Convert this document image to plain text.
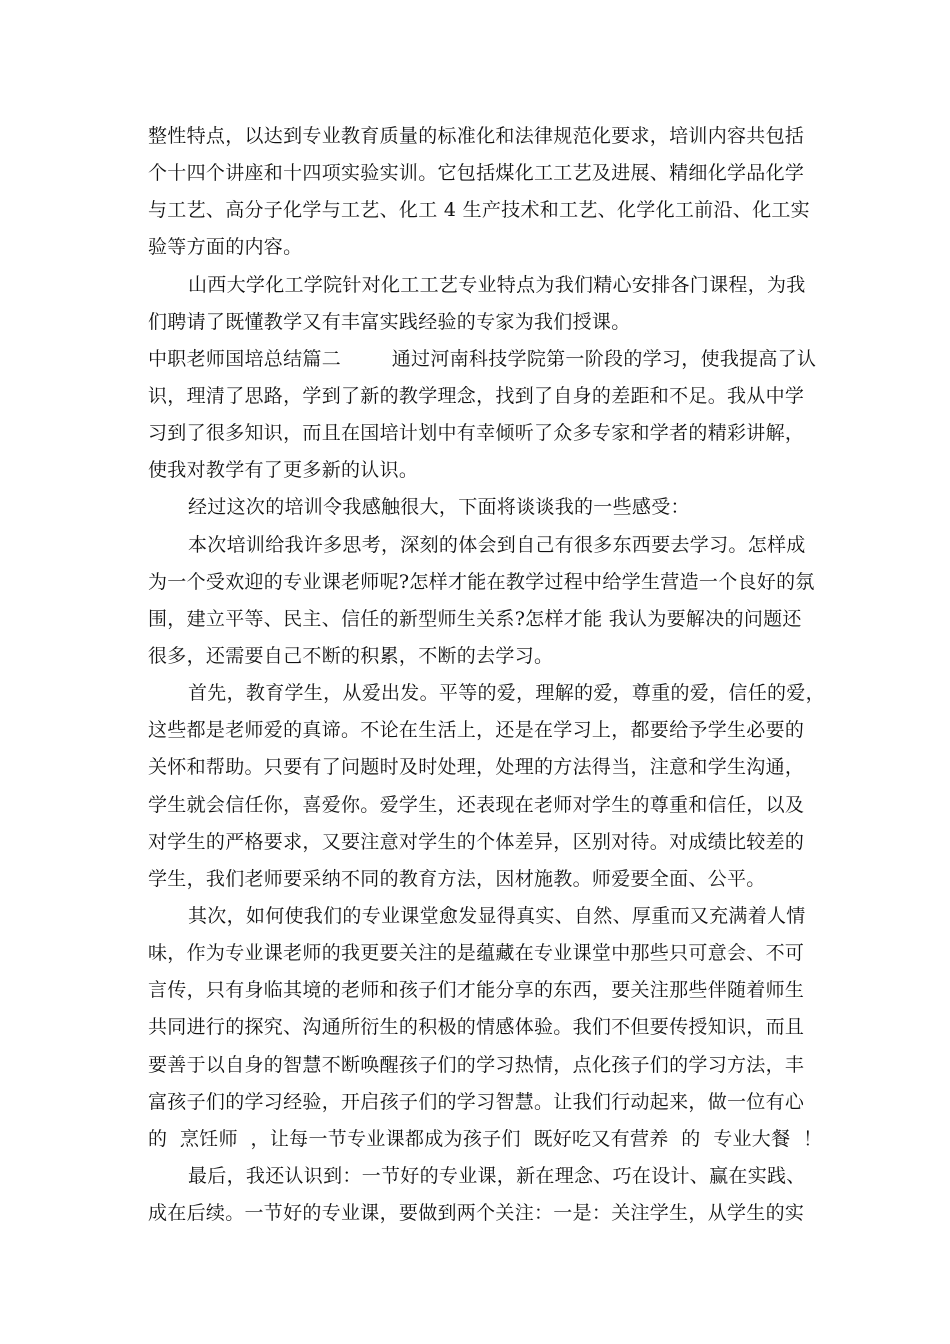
整性特点，以达到专业教育质量的标准化和法律规范化要求，培训内容共包括
个十四个讲座和十四项实验实训。它包括煤化工工艺及进展、精细化学品化学
与工艺、高分子化学与工艺、化工 4 生产技术和工艺、化学化工前沿、化工实
验等方面的内容。
山西大学化工学院针对化工工艺专业特点为我们精心安排各门课程，为我
们聘请了既懂教学又有丰富实践经验的专家为我们授课。
中职老师国培总结篇二        通过河南科技学院第一阶段的学习，使我提高了认
识，理清了思路，学到了新的教学理念，找到了自身的差距和不足。我从中学
习到了很多知识，而且在国培计划中有幸倾听了众多专家和学者的精彩讲解，
使我对教学有了更多新的认识。
经过这次的培训令我感触很大，下面将谈谈我的一些感受：
本次培训给我许多思考，深刻的体会到自己有很多东西要去学习。怎样成
为一个受欢迎的专业课老师呢?怎样才能在教学过程中给学生营造一个良好的氛
围，建立平等、民主、信任的新型师生关系?怎样才能 我认为要解决的问题还
很多，还需要自己不断的积累，不断的去学习。
首先，教育学生，从爱出发。平等的爱，理解的爱，尊重的爱，信任的爱，
这些都是老师爱的真谛。不论在生活上，还是在学习上，都要给予学生必要的
关怀和帮助。只要有了问题时及时处理，处理的方法得当，注意和学生沟通，
学生就会信任你，喜爱你。爱学生，还表现在老师对学生的尊重和信任，以及
对学生的严格要求，又要注意对学生的个体差异，区别对待。对成绩比较差的
学生，我们老师要采纳不同的教育方法，因材施教。师爱要全面、公平。
其次，如何使我们的专业课堂愈发显得真实、自然、厚重而又充满着人情
味，作为专业课老师的我更要关注的是蕴藏在专业课堂中那些只可意会、不可
言传，只有身临其境的老师和孩子们才能分享的东西，要关注那些伴随着师生
共同进行的探究、沟通所衍生的积极的情感体验。我们不但要传授知识，而且
要善于以自身的智慧不断唤醒孩子们的学习热情，点化孩子们的学习方法，丰
富孩子们的学习经验，开启孩子们的学习智慧。让我们行动起来，做一位有心
的  烹饪师  ，让每一节专业课都成为孩子们  既好吃又有营养  的  专业大餐  ！
最后，我还认识到：一节好的专业课，新在理念、巧在设计、赢在实践、
成在后续。一节好的专业课，要做到两个关注：一是：关注学生，从学生的实
